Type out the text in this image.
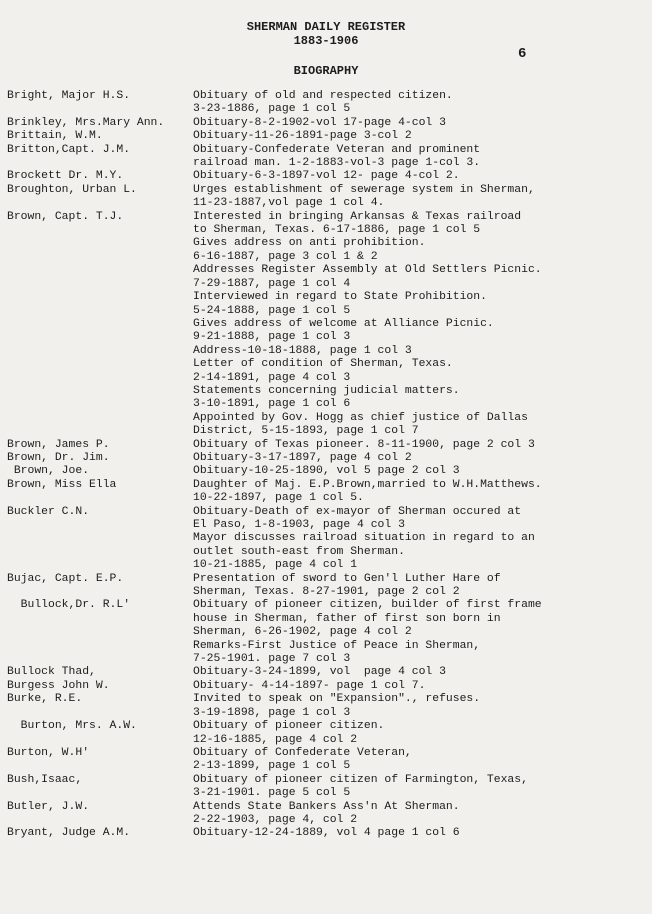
SHERMAN DAILY REGISTER
1883-1906
6
BIOGRAPHY
Bright, Major H.S.	Obituary of old and respected citizen.
3-23-1886, page 1 col 5
Brinkley, Mrs.Mary Ann.	Obituary-8-2-1902-vol 17-page 4-col 3
Brittain, W.M.	Obituary-11-26-1891-page 3-col 2
Britton,Capt. J.M.	Obituary-Confederate Veteran and prominent
railroad man. 1-2-1883-vol-3 page 1-col 3.
Brockett Dr. M.Y.	Obituary-6-3-1897-vol 12- page 4-col 2.
Broughton, Urban L.	Urges establishment of sewerage system in Sherman,
11-23-1887,vol page 1 col 4.
Brown, Capt. T.J.	Interested in bringing Arkansas & Texas railroad
to Sherman, Texas. 6-17-1886, page 1 col 5
Gives address on anti prohibition.
6-16-1887, page 3 col 1 & 2
Addresses Register Assembly at Old Settlers Picnic.
7-29-1887, page 1 col 4
Interviewed in regard to State Prohibition.
5-24-1888, page 1 col 5
Gives address of welcome at Alliance Picnic.
9-21-1888, page 1 col 3
Address-10-18-1888, page 1 col 3
Letter of condition of Sherman, Texas.
2-14-1891, page 4 col 3
Statements concerning judicial matters.
3-10-1891, page 1 col 6
Appointed by Gov. Hogg as chief justice of Dallas
District, 5-15-1893, page 1 col 7
Brown, James P.	Obituary of Texas pioneer. 8-11-1900, page 2 col 3
Brown, Dr. Jim.	Obituary-3-17-1897, page 4 col 2
Brown, Joe.	Obituary-10-25-1890, vol 5 page 2 col 3
Brown, Miss Ella	Daughter of Maj. E.P.Brown,married to W.H.Matthews.
10-22-1897, page 1 col 5.
Buckler C.N.	Obituary-Death of ex-mayor of Sherman occured at
El Paso, 1-8-1903, page 4 col 3
Mayor discusses railroad situation in regard to an
outlet south-east from Sherman.
10-21-1885, page 4 col 1
Bujac, Capt. E.P.	Presentation of sword to Gen'l Luther Hare of
Sherman, Texas. 8-27-1901, page 2 col 2
Bullock,Dr. R.L'	Obituary of pioneer citizen, builder of first frame
house in Sherman, father of first son born in
Sherman, 6-26-1902, page 4 col 2
Remarks-First Justice of Peace in Sherman,
7-25-1901. page 7 col 3
Bullock Thad,	Obituary-3-24-1899, vol  page 4 col 3
Burgess John W.	Obituary- 4-14-1897- page 1 col 7.
Burke, R.E.	Invited to speak on "Expansion"., refuses.
3-19-1898, page 1 col 3
Burton, Mrs. A.W.	Obituary of pioneer citizen.
12-16-1885, page 4 col 2
Burton, W.H'	Obituary of Confederate Veteran,
2-13-1899, page 1 col 5
Bush,Isaac,	Obituary of pioneer citizen of Farmington, Texas,
3-21-1901. page 5 col 5
Butler, J.W.	Attends State Bankers Ass'n At Sherman.
2-22-1903, page 4, col 2
Bryant, Judge A.M.	Obituary-12-24-1889, vol 4 page 1 col 6
